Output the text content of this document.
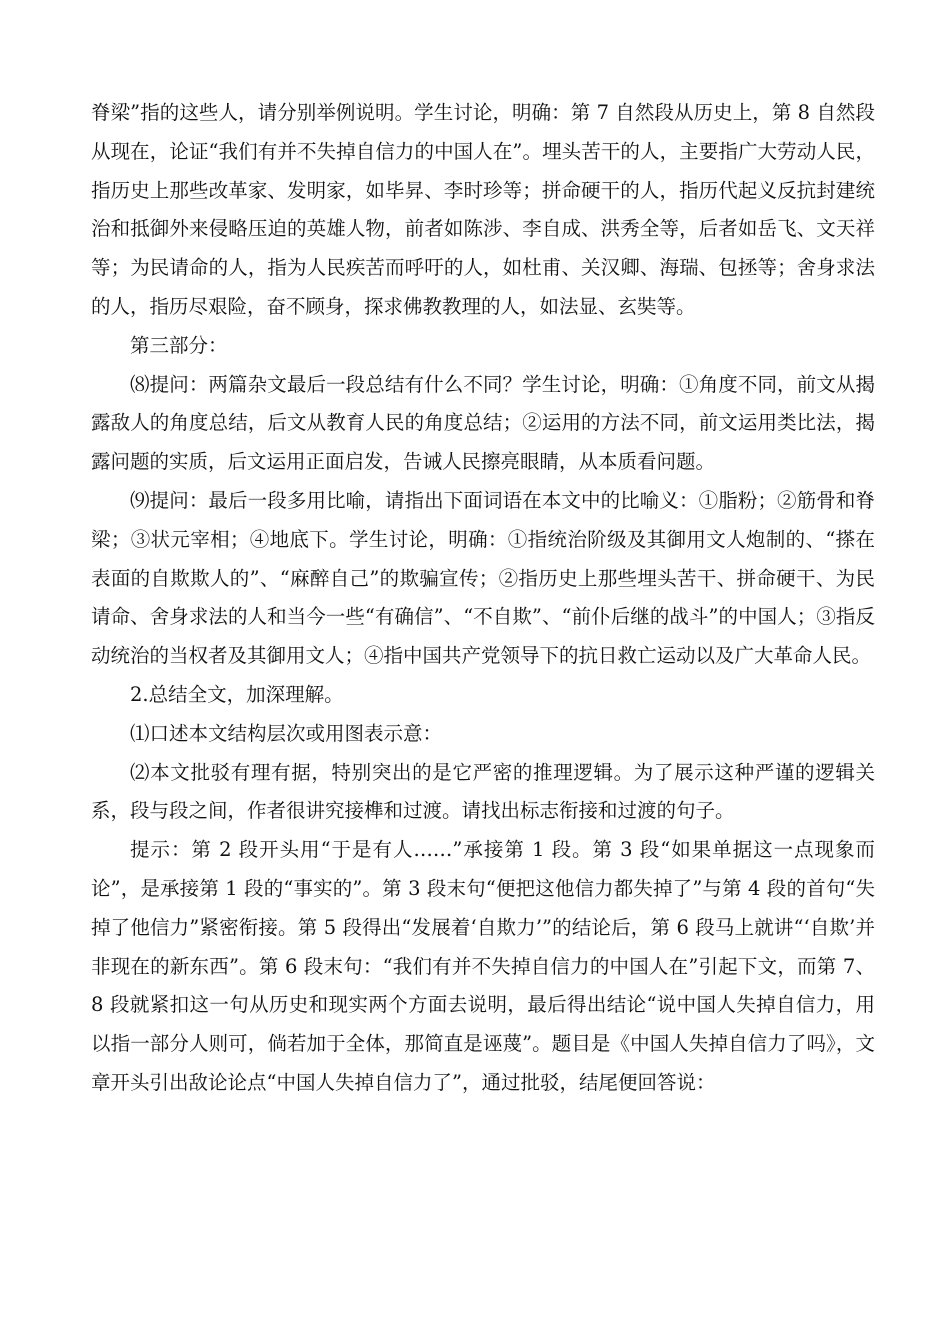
脊梁”指的这些人，请分别举例说明。学生讨论，明确：第 7 自然段从历史上，第 8 自然段从现在，论证“我们有并不失掉自信力的中国人在”。埋头苦干的人，主要指广大劳动人民，指历史上那些改革家、发明家，如毕昇、李时珍等；拼命硬干的人，指历代起义反抗封建统治和抵御外来侵略压迫的英雄人物，前者如陈涉、李自成、洪秀全等，后者如岳飞、文天祥等；为民请命的人，指为人民疾苦而呼吁的人，如杜甫、关汉卿、海瑞、包拯等；舍身求法的人，指历尽艰险，奋不顾身，探求佛教教理的人，如法显、玄奘等。

第三部分：

⑻提问：两篇杂文最后一段总结有什么不同？学生讨论，明确：①角度不同，前文从揭露敌人的角度总结，后文从教育人民的角度总结；②运用的方法不同，前文运用类比法，揭露问题的实质，后文运用正面启发，告诫人民擦亮眼睛，从本质看问题。

⑼提问：最后一段多用比喻，请指出下面词语在本文中的比喻义：①脂粉；②筋骨和脊梁；③状元宰相；④地底下。学生讨论，明确：①指统治阶级及其御用文人炮制的、“搽在表面的自欺欺人的”、“麻醉自己”的欺骗宣传；②指历史上那些埋头苦干、拼命硬干、为民请命、舍身求法的人和当今一些“有确信”、“不自欺”、“前仆后继的战斗”的中国人；③指反动统治的当权者及其御用文人；④指中国共产党领导下的抗日救亡运动以及广大革命人民。

2.总结全文，加深理解。

⑴口述本文结构层次或用图表示意：

⑵本文批驳有理有据，特别突出的是它严密的推理逻辑。为了展示这种严谨的逻辑关系，段与段之间，作者很讲究接榫和过渡。请找出标志衔接和过渡的句子。

提示：第 2 段开头用“于是有人……”承接第 1 段。第 3 段“如果单据这一点现象而论”，是承接第 1 段的“事实的”。第 3 段末句“便把这他信力都失掉了”与第 4 段的首句“失掉了他信力”紧密衔接。第 5 段得出“发展着‘自欺力’”的结论后，第 6 段马上就讲“‘自欺’并非现在的新东西”。第 6 段末句：“我们有并不失掉自信力的中国人在”引起下文，而第 7、8 段就紧扣这一句从历史和现实两个方面去说明，最后得出结论“说中国人失掉自信力，用以指一部分人则可，倘若加于全体，那简直是诬蔑”。题目是《中国人失掉自信力了吗》，文章开头引出敌论论点“中国人失掉自信力了”，通过批驳，结尾便回答说：
